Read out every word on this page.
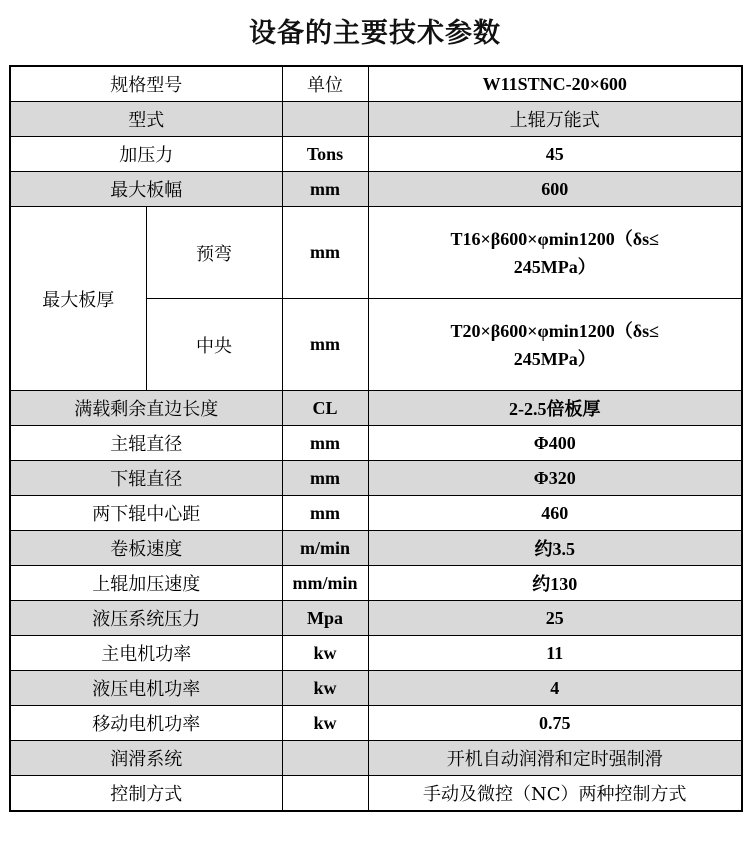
设备的主要技术参数
规格型号		单位	W11STNC-20×600
型式			上辊万能式
加压力		Tons	45
最大板幅		mm	600
最大板厚	预弯	mm	T16×β600×φmin1200（δs≤
245MPa）

	中央	mm	T20×β600×φmin1200（δs≤
245MPa）

满载剩余直边长度		CL	2-2.5倍板厚
主辊直径		mm	Φ400
下辊直径		mm	Φ320
两下辊中心距		mm	460
卷板速度		m/min	约3.5
上辊加压速度		mm/min	约130
液压系统压力		Mpa	25
主电机功率		kw	11
液压电机功率		kw	4
移动电机功率		kw	0.75
润滑系统			开机自动润滑和定时强制滑
控制方式			手动及微控（NC）两种控制方式
